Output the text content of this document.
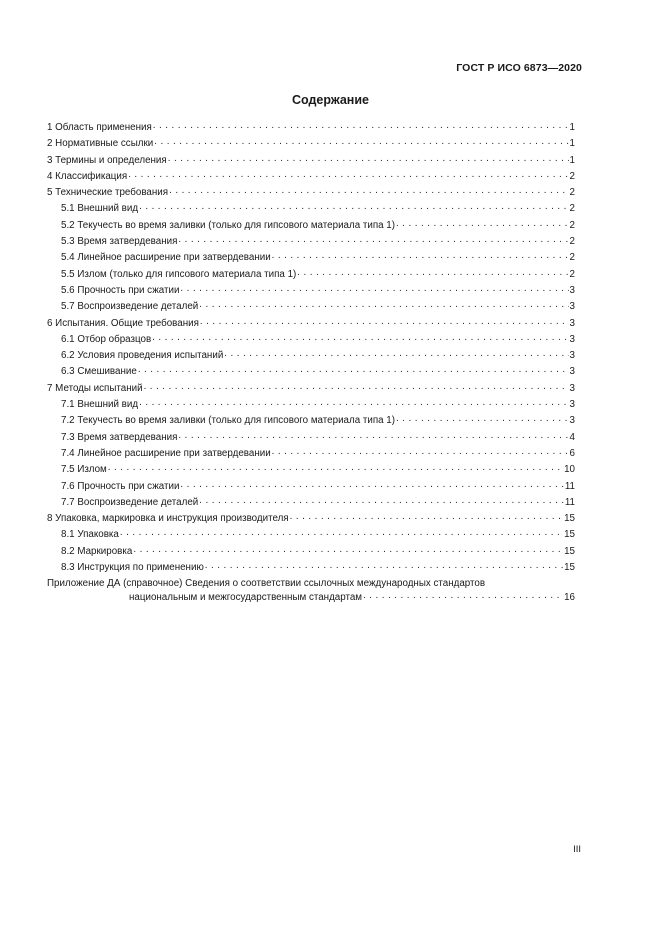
ГОСТ Р ИСО 6873—2020
Содержание
1 Область применения . . .	1
2 Нормативные ссылки . . .	1
3 Термины и определения . . .	1
4 Классификация . . .	2
5 Технические требования . . .	2
5.1 Внешний вид . . .	2
5.2 Текучесть во время заливки (только для гипсового материала типа 1) . . .	2
5.3 Время затвердевания . . .	2
5.4 Линейное расширение при затвердевании . . .	2
5.5 Излом (только для гипсового материала типа 1) . . .	2
5.6 Прочность при сжатии . . .	3
5.7 Воспроизведение деталей . . .	3
6 Испытания. Общие требования . . .	3
6.1 Отбор образцов . . .	3
6.2 Условия проведения испытаний . . .	3
6.3 Смешивание . . .	3
7 Методы испытаний . . .	3
7.1 Внешний вид . . .	3
7.2 Текучесть во время заливки (только для гипсового материала типа 1) . . .	3
7.3 Время затвердевания . . .	4
7.4 Линейное расширение при затвердевании . . .	6
7.5 Излом . . .	10
7.6 Прочность при сжатии . . .	11
7.7 Воспроизведение деталей . . .	11
8 Упаковка, маркировка и инструкция производителя . . .	15
8.1 Упаковка . . .	15
8.2 Маркировка . . .	15
8.3 Инструкция по применению . . .	15
Приложение ДА (справочное) Сведения о соответствии ссылочных международных стандартов
национальным и межгосударственным стандартам . . .	16
III
